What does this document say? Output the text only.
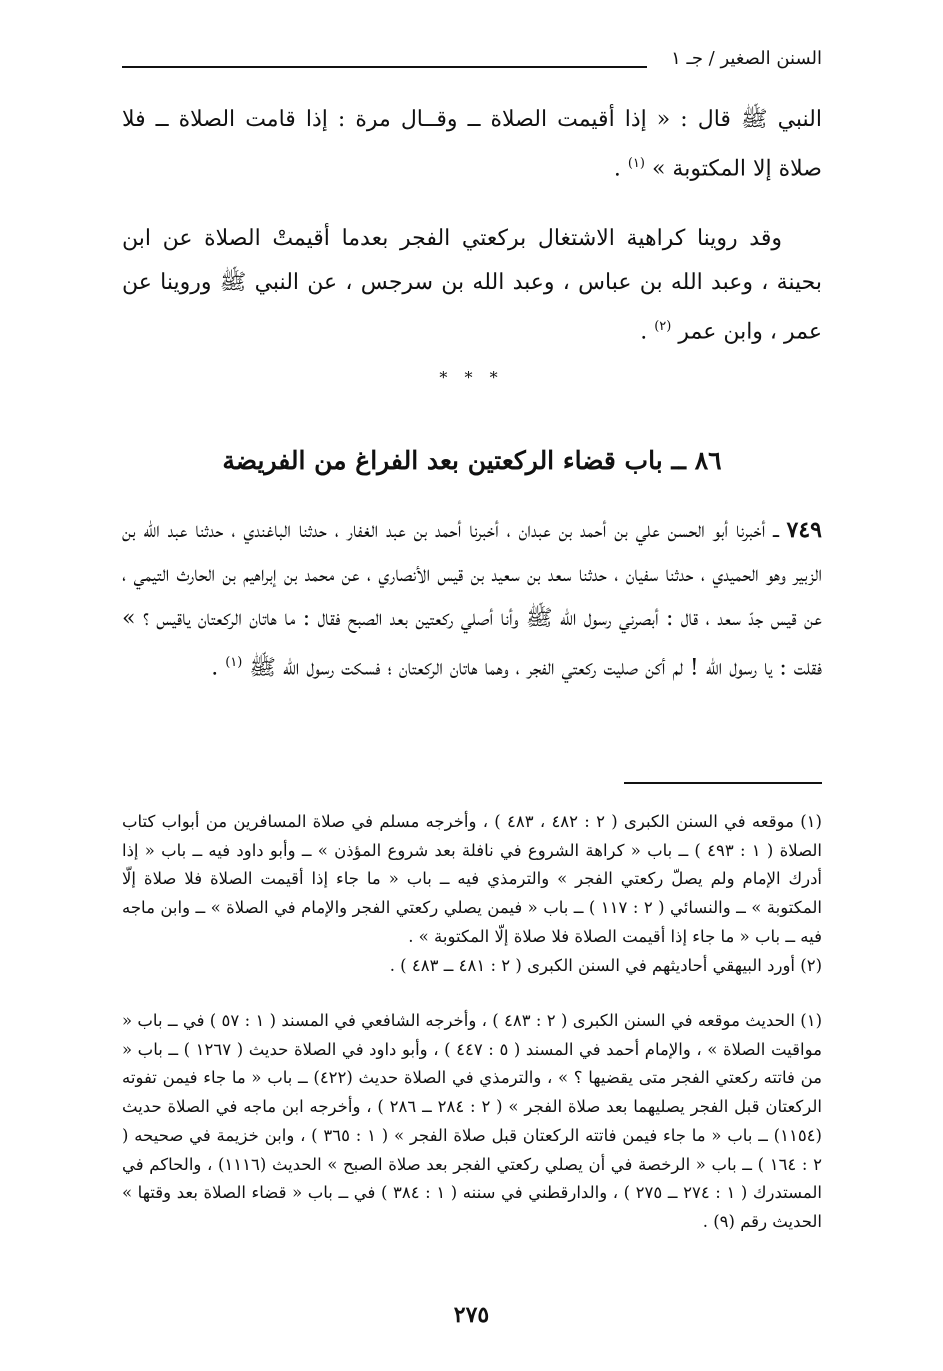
السنن الصغير / جـ ١

النبي ﷺ قال : « إذا أقيمت الصلاة ــ وقــال مرة : إذا قامت الصلاة ــ فلا صلاة إلا المكتوبة » $^{(١)}$ .

وقد روينا كراهية الاشتغال بركعتي الفجر بعدما أقيمتْ الصلاة عن ابن بحينة ، وعبد الله بن عباس ، وعبد الله بن سرجس ، عن النبي ﷺ وروينا عن عمر ، وابن عمر $^{(٢)}$ .

* * *
٨٦ ــ باب قضاء الركعتين بعد الفراغ من الفريضة

٧٤٩ ــ أخبرنا أبو الحسن علي بن أحمد بن عبدان ، أخبرنا أحمد بن عبد الغفار ، حدثنا الباغندي ، حدثنا عبد الله بن الزبير وهو الحميدي ، حدثنا سفيان ، حدثنا سعد بن سعيد بن قيس الأنصاري ، عن محمد بن إبراهيم بن الحارث التيمي ، عن قيس جدّ سعد ، قال : أبصرني رسول الله ﷺ وأنا أصلي ركعتين بعد الصبح فقال : ما هاتان الركعتان ياقيس ؟ » فقلت : يا رسول الله ! لم أكن صليت ركعتي الفجر ، وهما هاتان الركعتان ؛ فسكت رسول الله ﷺ $^{(١)}$ .

(١) موقعه في السنن الكبرى ( ٢ : ٤٨٢ ، ٤٨٣ ) ، وأخرجه مسلم في صلاة المسافرين من أبواب كتاب الصلاة ( ١ : ٤٩٣ ) ــ باب « كراهة الشروع في نافلة بعد شروع المؤذن » ــ وأبو داود فيه ــ باب « إذا أدرك الإمام ولم يصلّ ركعتي الفجر » والترمذي فيه ــ باب « ما جاء إذا أقيمت الصلاة فلا صلاة إلّا المكتوبة » ــ والنسائي ( ٢ : ١١٧ ) ــ باب « فيمن يصلي ركعتي الفجر والإمام في الصلاة » ــ وابن ماجه فيه ــ باب « ما جاء إذا أقيمت الصلاة فلا صلاة إلّا المكتوبة » .

(٢) أورد البيهقي أحاديثهم في السنن الكبرى ( ٢ : ٤٨١ ــ ٤٨٣ ) .

(١) الحديث موقعه في السنن الكبرى ( ٢ : ٤٨٣ ) ، وأخرجه الشافعي في المسند ( ١ : ٥٧ ) في ــ باب « مواقيت الصلاة » ، والإمام أحمد في المسند ( ٥ : ٤٤٧ ) ، وأبو داود في الصلاة حديث ( ١٢٦٧ ) ــ باب « من فاتته ركعتي الفجر متى يقضيها ؟ » ، والترمذي في الصلاة حديث (٤٢٢) ــ باب « ما جاء فيمن تفوته الركعتان قبل الفجر يصليهما بعد صلاة الفجر » ( ٢ : ٢٨٤ ــ ٢٨٦ ) ، وأخرجه ابن ماجه في الصلاة حديث (١١٥٤) ــ باب « ما جاء فيمن فاتته الركعتان قبل صلاة الفجر » ( ١ : ٣٦٥ ) ، وابن خزيمة في صحيحه ( ٢ : ١٦٤ ) ــ باب « الرخصة في أن يصلي ركعتي الفجر بعد صلاة الصبح » الحديث (١١١٦) ، والحاكم في المستدرك ( ١ : ٢٧٤ ــ ٢٧٥ ) ، والدارقطني في سننه ( ١ : ٣٨٤ ) في ــ باب « قضاء الصلاة بعد وقتها » الحديث رقم (٩) .

٢٧٥
